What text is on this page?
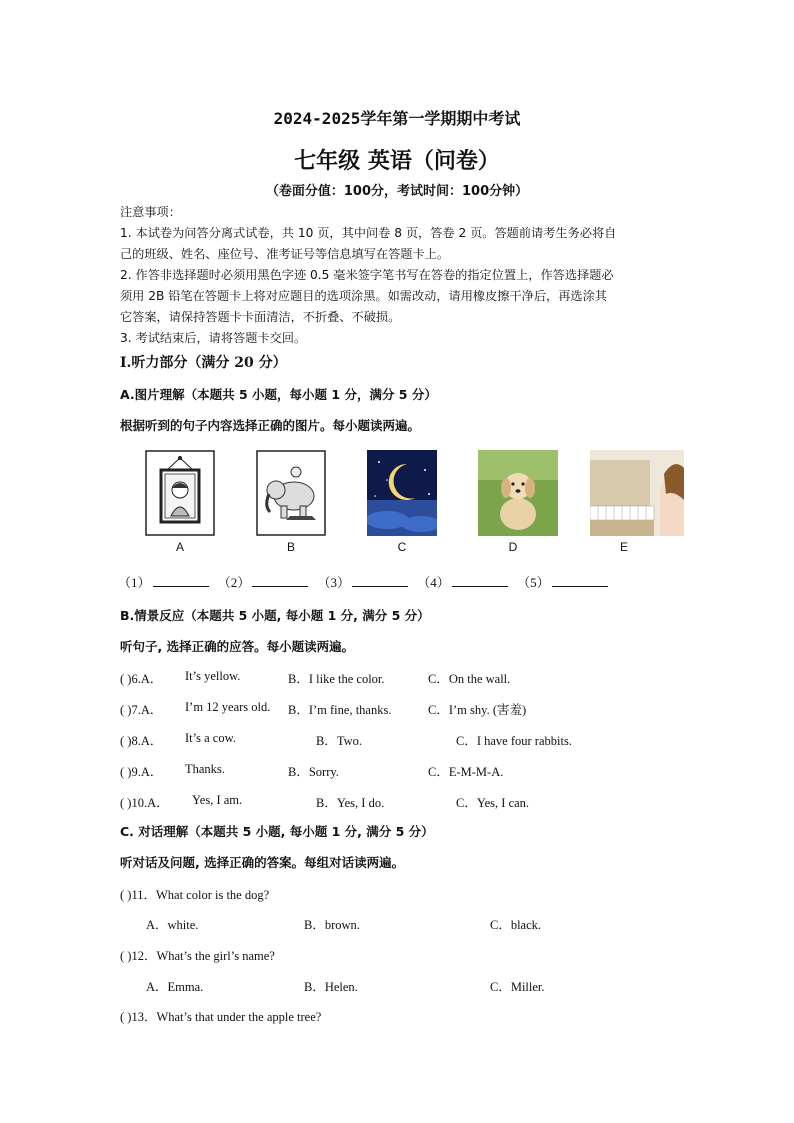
2024-2025学年第一学期期中考试
七年级 英语（问卷）
（卷面分值：100分，考试时间：100分钟）
注意事项：
1. 本试卷为问答分离式试卷，共 10 页，其中问卷 8 页，答卷 2 页。答题前请考生务必将自
己的班级、姓名、座位号、准考证号等信息填写在答题卡上。
2. 作答非选择题时必须用黑色字迹 0.5 毫米签字笔书写在答卷的指定位置上，作答选择题必
须用 2B 铅笔在答题卡上将对应题目的选项涂黑。如需改动，请用橡皮擦干净后，再选涂其
它答案，请保持答题卡卡面清洁，不折叠、不破损。
3. 考试结束后，请将答题卡交回。
I.听力部分（满分 20 分）
A.图片理解（本题共 5 小题，每小题 1 分，满分 5 分）
根据听到的句子内容选择正确的图片。每小题读两遍。
A	B	C	D	E
（1）	（2）	（3）	（4）	（5）
B.情景反应（本题共 5 小题, 每小题 1 分, 满分 5 分）
听句子, 选择正确的应答。每小题读两遍。
( )6.A． It’s yellow.	B．I like the color.	C．On the wall.
( )7.A． I’m 12 years old. B．I’m fine, thanks.	C．I’m shy. (害羞)
( )8.A． It’s a cow.	B．Two.	C．I have four rabbits.
( )9.A． Thanks.	B．Sorry.	C．E-M-M-A.
( )10.A． Yes, I am.	B．Yes, I do.	C．Yes, I can.
C. 对话理解（本题共 5 小题, 每小题 1 分, 满分 5 分）
听对话及问题, 选择正确的答案。每组对话读两遍。
( )11．What color is the dog?
A．white.	B．brown.	C．black.
( )12．What’s the girl’s name?
A．Emma.	B．Helen.	C．Miller.
( )13．What’s that under the apple tree?
